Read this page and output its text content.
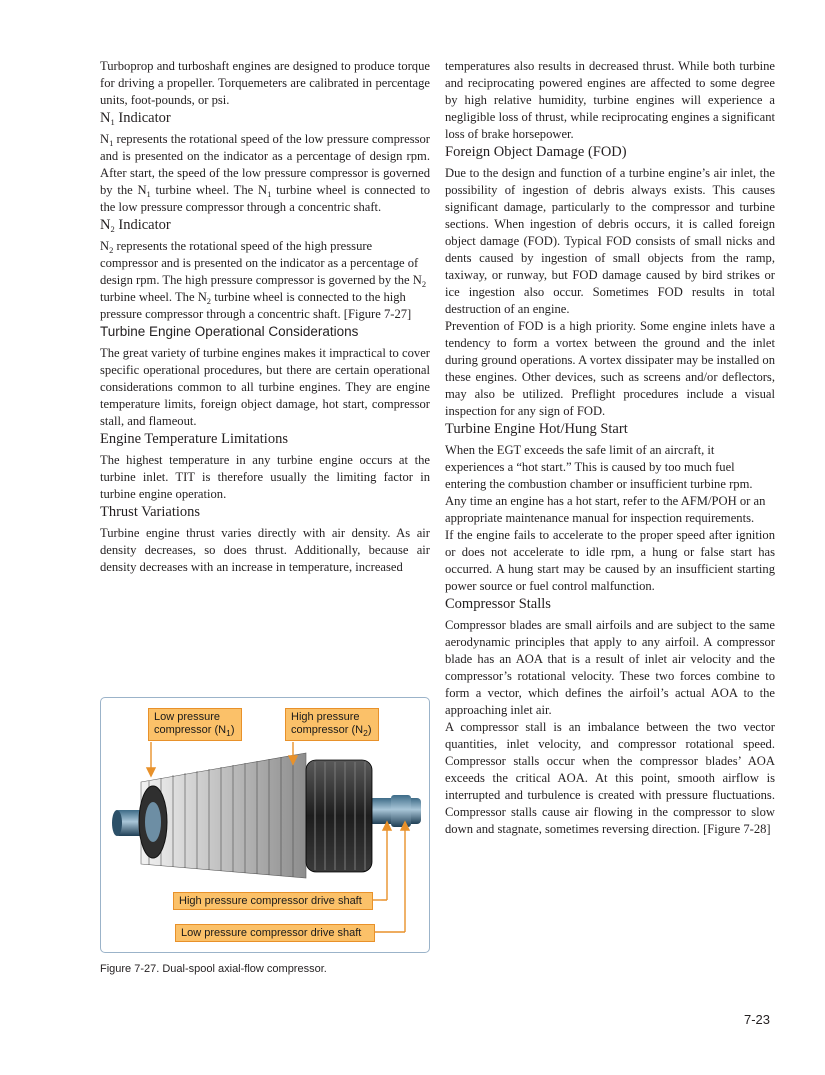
Turboprop and turboshaft engines are designed to produce torque for driving a propeller. Torquemeters are calibrated in percentage units, foot-pounds, or psi.

$N_1$ Indicator

$N_1$ represents the rotational speed of the low pressure compressor and is presented on the indicator as a percentage of design rpm. After start, the speed of the low pressure compressor is governed by the $N_1$ turbine wheel. The $N_1$ turbine wheel is connected to the low pressure compressor through a concentric shaft.

$N_2$ Indicator

$N_2$ represents the rotational speed of the high pressure compressor and is presented on the indicator as a percentage of design rpm. The high pressure compressor is governed by the $N_2$ turbine wheel. The $N_2$ turbine wheel is connected to the high pressure compressor through a concentric shaft. [Figure 7-27]

Turbine Engine Operational Considerations

The great variety of turbine engines makes it impractical to cover specific operational procedures, but there are certain operational considerations common to all turbine engines. They are engine temperature limits, foreign object damage, hot start, compressor stall, and flameout.

Engine Temperature Limitations

The highest temperature in any turbine engine occurs at the turbine inlet. TIT is therefore usually the limiting factor in turbine engine operation.

Thrust Variations

Turbine engine thrust varies directly with air density. As air density decreases, so does thrust. Additionally, because air density decreases with an increase in temperature, increased

temperatures also results in decreased thrust. While both turbine and reciprocating powered engines are affected to some degree by high relative humidity, turbine engines will experience a negligible loss of thrust, while reciprocating engines a significant loss of brake horsepower.

Foreign Object Damage (FOD)

Due to the design and function of a turbine engine’s air inlet, the possibility of ingestion of debris always exists. This causes significant damage, particularly to the compressor and turbine sections. When ingestion of debris occurs, it is called foreign object damage (FOD). Typical FOD consists of small nicks and dents caused by ingestion of small objects from the ramp, taxiway, or runway, but FOD damage caused by bird strikes or ice ingestion also occur. Sometimes FOD results in total destruction of an engine.

Prevention of FOD is a high priority. Some engine inlets have a tendency to form a vortex between the ground and the inlet during ground operations. A vortex dissipater may be installed on these engines. Other devices, such as screens and/or deflectors, may also be utilized. Preflight procedures include a visual inspection for any sign of FOD.

Turbine Engine Hot/Hung Start

When the EGT exceeds the safe limit of an aircraft, it experiences a “hot start.” This is caused by too much fuel entering the combustion chamber or insufficient turbine rpm. Any time an engine has a hot start, refer to the AFM/POH or an appropriate maintenance manual for inspection requirements.

If the engine fails to accelerate to the proper speed after ignition or does not accelerate to idle rpm, a hung or false start has occurred. A hung start may be caused by an insufficient starting power source or fuel control malfunction.

Compressor Stalls

Compressor blades are small airfoils and are subject to the same aerodynamic principles that apply to any airfoil. A compressor blade has an AOA that is a result of inlet air velocity and the compressor’s rotational velocity. These two forces combine to form a vector, which defines the airfoil’s actual AOA to the approaching inlet air.

A compressor stall is an imbalance between the two vector quantities, inlet velocity, and compressor rotational speed. Compressor stalls occur when the compressor blades’ AOA exceeds the critical AOA. At this point, smooth airflow is interrupted and turbulence is created with pressure fluctuations. Compressor stalls cause air flowing in the compressor to slow down and stagnate, sometimes reversing direction. [Figure 7-28]

Low pressure
compressor $(N_1)$
High pressure
compressor $(N_2)$
High pressure compressor drive shaft
Low pressure compressor drive shaft
Figure 7-27. Dual-spool axial-flow compressor.
7-23
